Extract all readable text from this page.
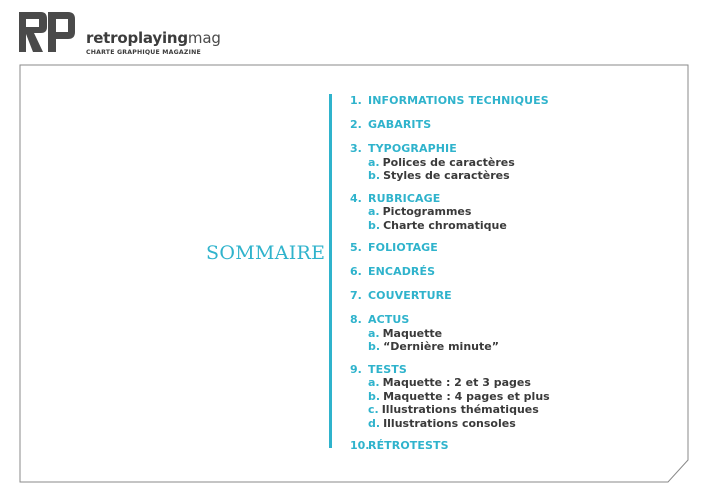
retroplayingmag
CHARTE GRAPHIQUE MAGAZINE
SOMMAIRE
1. INFORMATIONS TECHNIQUES
2. GABARITS
3. TYPOGRAPHIE
a. Polices de caractères
b. Styles de caractères
4. RUBRICAGE
a. Pictogrammes
b. Charte chromatique
5. FOLIOTAGE
6. ENCADRÉS
7. COUVERTURE
8. ACTUS
a. Maquette
b. “Dernière minute”
9. TESTS
a. Maquette : 2 et 3 pages
b. Maquette : 4 pages et plus
c. Illustrations thématiques
d. Illustrations consoles
10.
RÉTROTESTS
